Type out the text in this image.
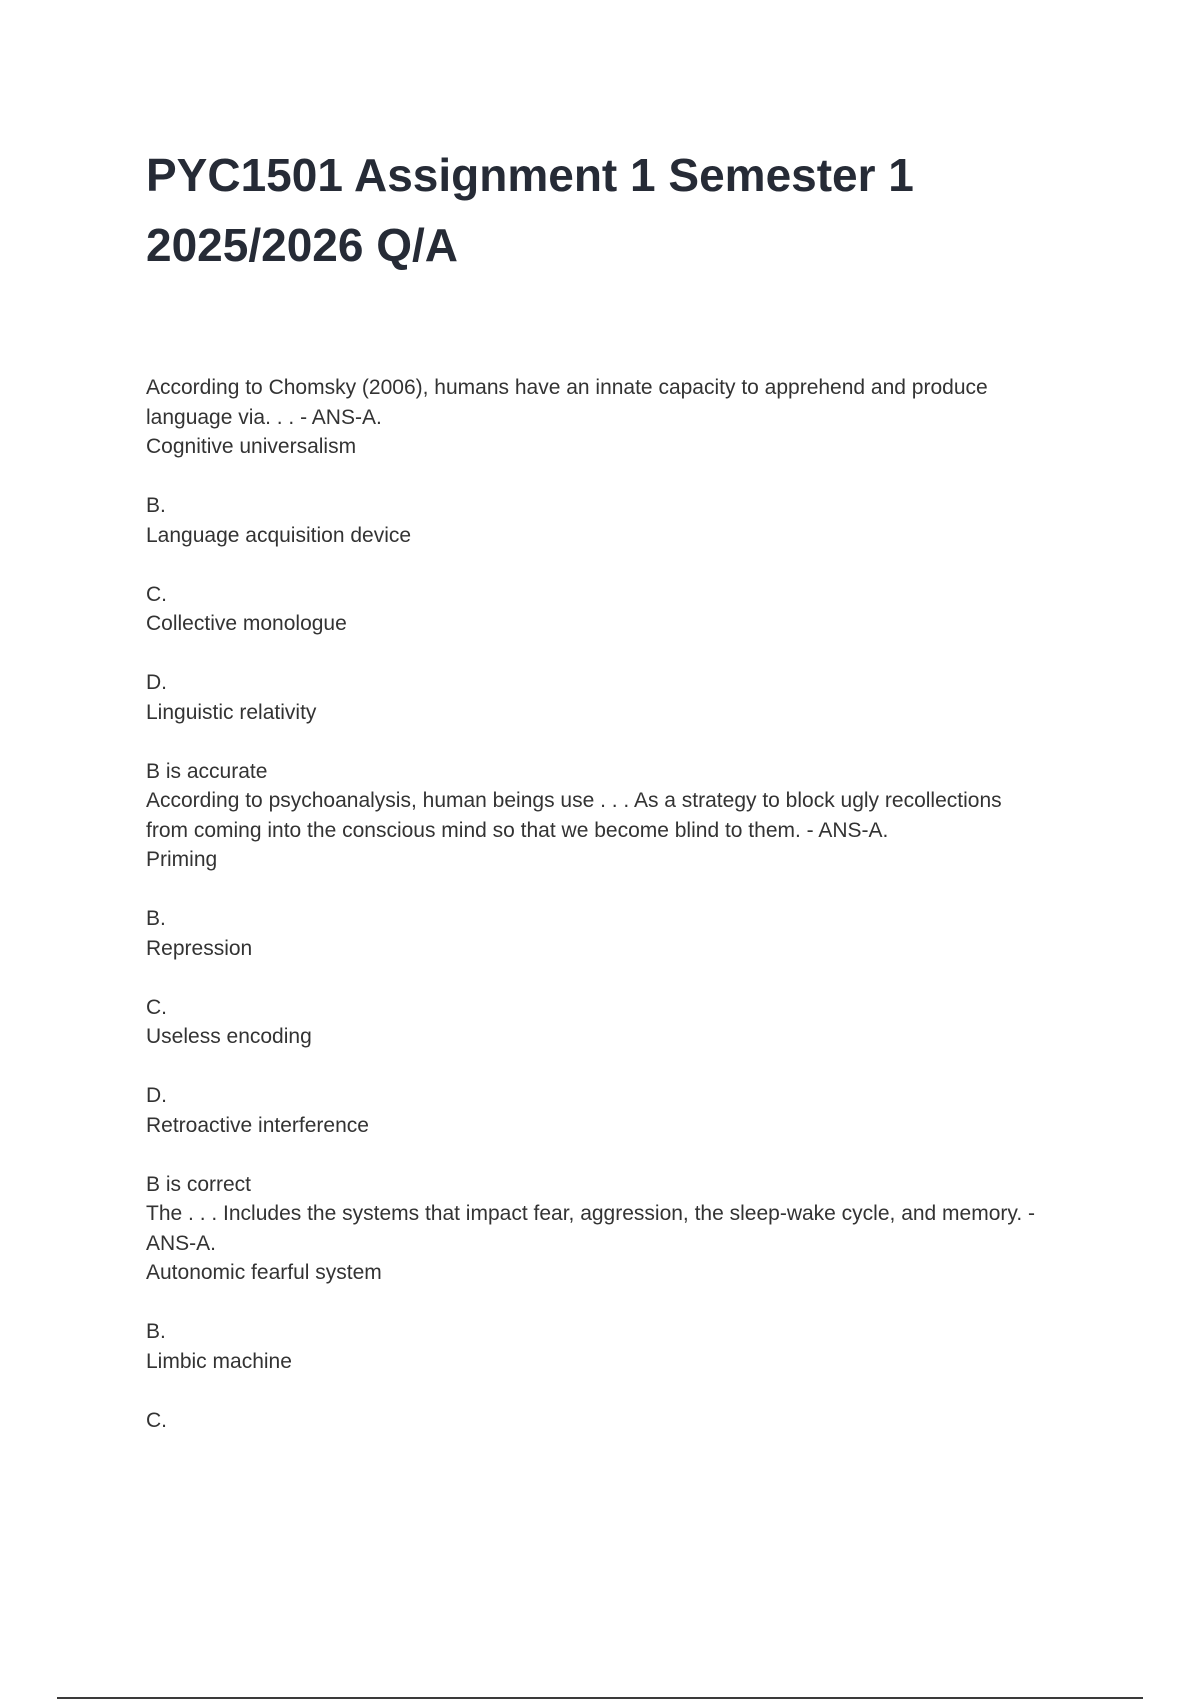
PYC1501 Assignment 1 Semester 1
2025/2026 Q/A
According to Chomsky (2006), humans have an innate capacity to apprehend and produce
language via. . . - ANS-A.
Cognitive universalism
B.
Language acquisition device
C.
Collective monologue
D.
Linguistic relativity
B is accurate
According to psychoanalysis, human beings use . . . As a strategy to block ugly recollections
from coming into the conscious mind so that we become blind to them. - ANS-A.
Priming
B.
Repression
C.
Useless encoding
D.
Retroactive interference
B is correct
The . . . Includes the systems that impact fear, aggression, the sleep-wake cycle, and memory. -
ANS-A.
Autonomic fearful system
B.
Limbic machine
C.
